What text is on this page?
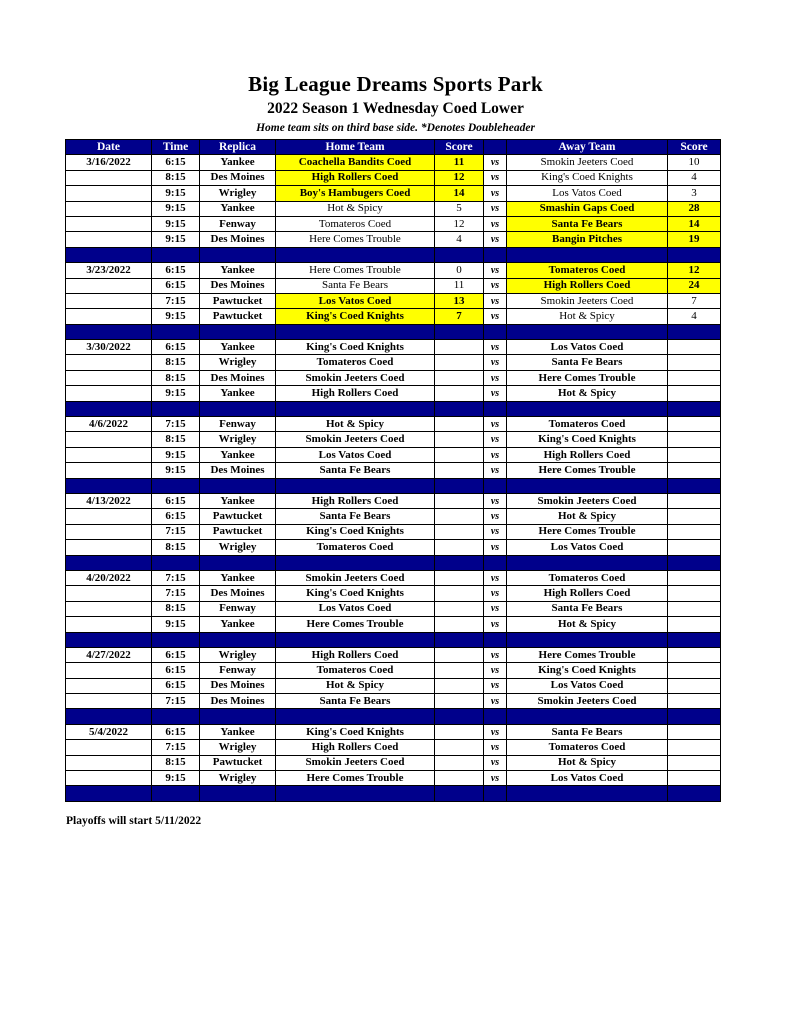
Big League Dreams Sports Park
2022 Season 1 Wednesday Coed Lower
Home team sits on third base side. *Denotes Doubleheader
Date	Time	Replica	Home Team	Score		Away Team	Score
3/16/2022	6:15	Yankee	Coachella Bandits Coed	11	vs	Smokin Jeeters Coed	10
	8:15	Des Moines	High Rollers Coed	12	vs	King's Coed Knights	4
	9:15	Wrigley	Boy's Hambugers Coed	14	vs	Los Vatos Coed	3
	9:15	Yankee	Hot & Spicy	5	vs	Smashin Gaps Coed	28
	9:15	Fenway	Tomateros Coed	12	vs	Santa Fe Bears	14
	9:15	Des Moines	Here Comes Trouble	4	vs	Bangin Pitches	19

3/23/2022	6:15	Yankee	Here Comes Trouble	0	vs	Tomateros Coed	12
	6:15	Des Moines	Santa Fe Bears	11	vs	High Rollers Coed	24
	7:15	Pawtucket	Los Vatos Coed	13	vs	Smokin Jeeters Coed	7
	9:15	Pawtucket	King's Coed Knights	7	vs	Hot & Spicy	4

3/30/2022	6:15	Yankee	King's Coed Knights		vs	Los Vatos Coed	
	8:15	Wrigley	Tomateros Coed		vs	Santa Fe Bears	
	8:15	Des Moines	Smokin Jeeters Coed		vs	Here Comes Trouble	
	9:15	Yankee	High Rollers Coed		vs	Hot & Spicy	

4/6/2022	7:15	Fenway	Hot & Spicy		vs	Tomateros Coed	
	8:15	Wrigley	Smokin Jeeters Coed		vs	King's Coed Knights	
	9:15	Yankee	Los Vatos Coed		vs	High Rollers Coed	
	9:15	Des Moines	Santa Fe Bears		vs	Here Comes Trouble	

4/13/2022	6:15	Yankee	High Rollers Coed		vs	Smokin Jeeters Coed	
	6:15	Pawtucket	Santa Fe Bears		vs	Hot & Spicy	
	7:15	Pawtucket	King's Coed Knights		vs	Here Comes Trouble	
	8:15	Wrigley	Tomateros Coed		vs	Los Vatos Coed	

4/20/2022	7:15	Yankee	Smokin Jeeters Coed		vs	Tomateros Coed	
	7:15	Des Moines	King's Coed Knights		vs	High Rollers Coed	
	8:15	Fenway	Los Vatos Coed		vs	Santa Fe Bears	
	9:15	Yankee	Here Comes Trouble		vs	Hot & Spicy	

4/27/2022	6:15	Wrigley	High Rollers Coed		vs	Here Comes Trouble	
	6:15	Fenway	Tomateros Coed		vs	King's Coed Knights	
	6:15	Des Moines	Hot & Spicy		vs	Los Vatos Coed	
	7:15	Des Moines	Santa Fe Bears		vs	Smokin Jeeters Coed	

5/4/2022	6:15	Yankee	King's Coed Knights		vs	Santa Fe Bears	
	7:15	Wrigley	High Rollers Coed		vs	Tomateros Coed	
	8:15	Pawtucket	Smokin Jeeters Coed		vs	Hot & Spicy	
	9:15	Wrigley	Here Comes Trouble		vs	Los Vatos Coed	

Playoffs will start 5/11/2022
